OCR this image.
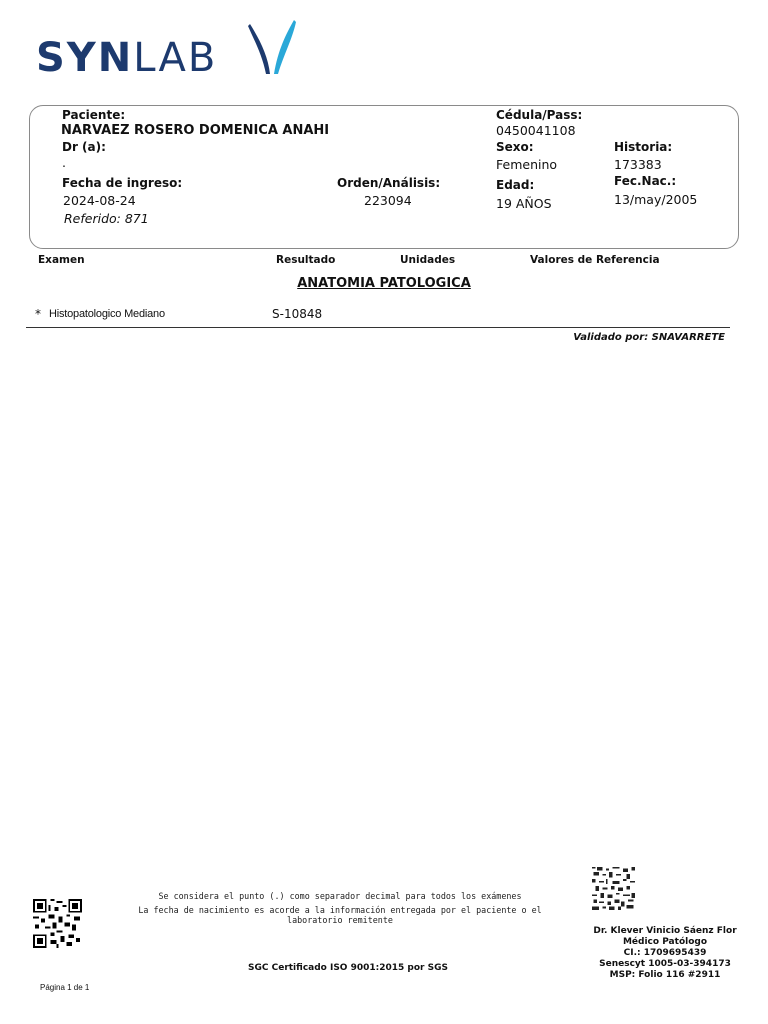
SYNLAB
Paciente:
NARVAEZ ROSERO DOMENICA ANAHI
Dr (a):
.
Fecha de ingreso:
2024-08-24
Referido: 871
Orden/Análisis:
223094
Cédula/Pass:
0450041108
Sexo:
Femenino
Edad:
19 AÑOS
Historia:
173383
Fec.Nac.:
13/may/2005
Examen	Resultado	Unidades	Valores de Referencia
ANATOMIA PATOLOGICA
* Histopatologico Mediano	S-10848
Validado por: SNAVARRETE
Se considera el punto (.) como separador decimal para todos los exámenes
La fecha de nacimiento es acorde a la información entregada por el paciente o el laboratorio remitente
SGC Certificado ISO 9001:2015 por SGS
Página 1 de 1
Dr. Klever Vinicio Sáenz Flor
Médico Patólogo
CI.: 1709695439
Senescyt 1005-03-394173
MSP: Folio 116 #2911
